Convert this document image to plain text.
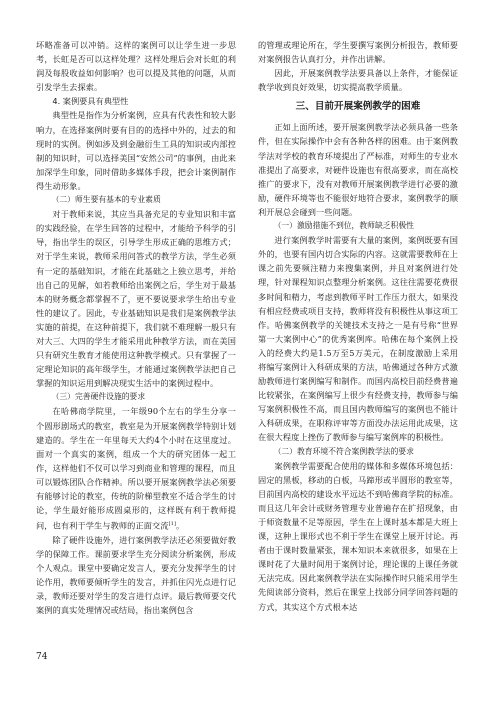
坏略准备可以冲销。这样的案例可以让学生进一步思考，长虹是否可以这样处理？这样处理后会对长虹的利润及每股收益如何影响？也可以提及其他的问题，从而引发学生去探索。

4. 案例要具有典型性

典型性是指作为分析案例，应具有代表性和较大影响力，在选择案例时要有目的的选择中外的，过去的和现时的实例。例如涉及到金融衍生工具的知识或内部控制的知识时，可以选择美国“安然公司”的事例，由此来加深学生印象，同时借助多媒体手段，把会计案例制作得生动形象。

（二）师生要有基本的专业素质

对于教师来说，其应当具备充足的专业知识和丰富的实践经验，在学生回答的过程中，才能给予科学的引导，指出学生的误区，引导学生形成正确的思维方式；对于学生来说，教师采用问答式的教学方法，学生必须有一定的基础知识，才能在此基础之上独立思考，并给出自己的见解，如若教师给出案例之后，学生对于最基本的财务概念都掌握不了，更不要说要求学生给出专业性的建议了。因此，专业基础知识是我们是案例教学法实施的前提，在这种前提下，我们就不难理解一般只有对大三、大四的学生才能采用此种教学方法，而在美国只有研究生教育才能使用这种教学模式。只有掌握了一定理论知识的高年级学生，才能通过案例教学法把自己掌握的知识运用到解决现实生活中的案例过程中。

（三）完善硬件设施的要求

在哈佛商学院里，一年级90个左右的学生分享一个圆形剧场式的教室，教室是为开展案例教学特别计划建造的。学生在一年里每天大约4个小时在这里度过。面对一个真实的案例，组成一个大的研究团体一起工作，这样他们不仅可以学习到商业和管理的课程，而且可以锻炼团队合作精神。所以要开展案例教学法必须要有能够讨论的教室，传统的阶梯型教室不适合学生的讨论，学生最好能形成圆桌形的，这样既有利于教师提问，也有利于学生与教师的正面交流[1]。

除了硬件设施外，进行案例教学法还必须要做好教学的保障工作。课前要求学生充分阅读分析案例，形成个人观点。课堂中要确定发言人，要充分发挥学生的讨论作用，教师要倾听学生的发言，并抓住闪光点进行记录，教师还要对学生的发言进行点评。最后教师要交代案例的真实处理情况或结局，指出案例包含

的管理或理论所在，学生要撰写案例分析报告，教师要对案例报告认真打分，并作出讲解。

因此，开展案例教学法要具备以上条件，才能保证教学收到良好效果，切实提高教学质量。

三、目前开展案例教学的困难

正如上面所述，要开展案例教学法必须具备一些条件，但在实际操作中会有各种各样的困难。由于案例教学法对学校的教育环境提出了严标准，对师生的专业水准提出了高要求，对硬件设施也有很高要求，而在高校推广的要求下，没有对教师开展案例教学进行必要的激励，硬件环境等也不能很好地符合要求，案例教学的顺利开展总会碰到一些问题。

（一）激励措施不到位，教师缺乏积极性

进行案例教学时需要有大量的案例，案例既要有国外的，也要有国内切合实际的内容。这就需要教师在上课之前先要频注精力来搜集案例，并且对案例进行处理，针对课程知识点整理分析案例。这往往需要花费很多时间和精力，考虑到教师平时工作压力很大，如果没有相应经费或项目支持，教师将没有积极性从事这项工作。哈佛案例教学的关键技术支持之一是有号称“世界第一大案例中心”的优秀案例库。哈佛在每个案例上投入的经费大约是1.5万至5万美元，在制度激励上采用将编写案例计入科研成果的方法，哈佛通过各种方式激励教师进行案例编写和制作。而国内高校目前经费普遍比较紧张，在案例编写上很少有经费支持，教师参与编写案例积极性不高，而且国内教师编写的案例也不能计入科研成果，在职称评审等方面没办法运用此成果，这在很大程度上挫伤了教师参与编写案例库的积极性。

（二）教育环境不符合案例教学法的要求

案例教学需要配合使用的媒体和多媒体环境包括：固定的黑板，移动的白板，马蹄形或半圆形的教室等，目前国内高校的建设水平远达不到哈佛商学院的标准。而且这几年会计或财务管理专业普遍存在扩招现象，由于师资数量不足等原因，学生在上课时基本都是大班上课，这种上课形式也不利于学生在课堂上展开讨论。再者由于课时数量紧张，课本知识本来就很多，如果在上课时花了大量时间用于案例讨论，理论课的上课任务就无法完成。因此案例教学法在实际操作时只能采用学生先阅读部分资料，然后在课堂上找部分同学回答问题的方式，其实这个方式根本达

74
